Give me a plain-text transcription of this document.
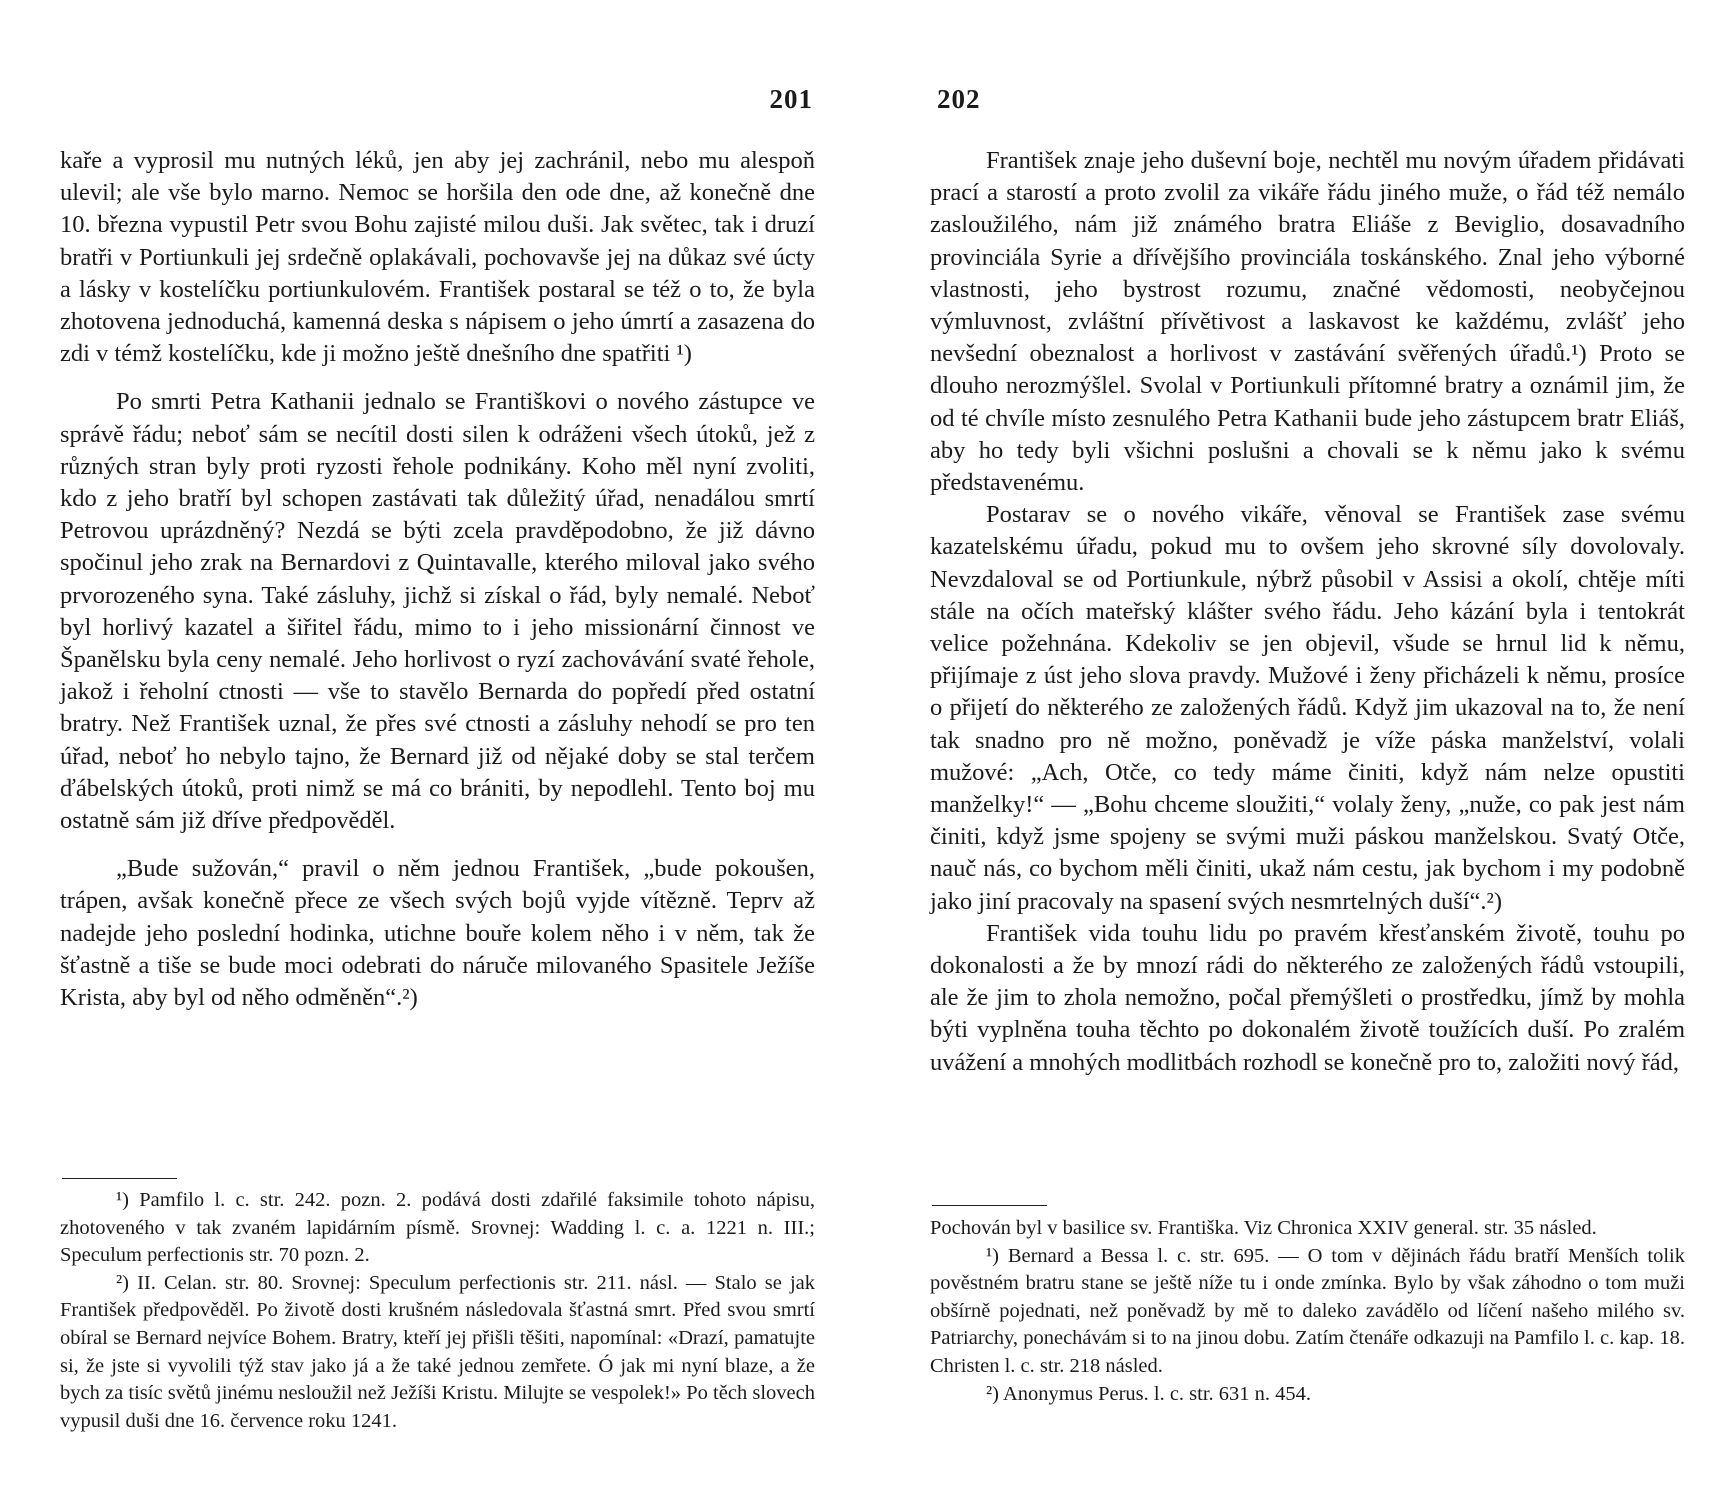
201

kaře a vyprosil mu nutných léků, jen aby jej zachránil, nebo mu alespoň ulevil; ale vše bylo marno. Nemoc se horšila den ode dne, až konečně dne 10. března vypustil Petr svou Bohu zajisté milou duši. Jak světec, tak i druzí bratři v Portiunkuli jej srdečně oplakávali, pochovavše jej na důkaz své úcty a lásky v kostelíčku portiunkulovém. František postaral se též o to, že byla zhotovena jednoduchá, kamenná deska s nápisem o jeho úmrtí a zasazena do zdi v témž kostelíčku, kde ji možno ještě dnešního dne spatřiti ¹)

Po smrti Petra Kathanii jednalo se Františkovi o nového zástupce ve správě řádu; neboť sám se necítil dosti silen k odráženi všech útoků, jež z různých stran byly proti ryzosti řehole podnikány. Koho měl nyní zvoliti, kdo z jeho bratří byl schopen zastávati tak důležitý úřad, nenadálou smrtí Petrovou uprázdněný? Nezdá se býti zcela pravděpodobno, že již dávno spočinul jeho zrak na Bernardovi z Quintavalle, kterého miloval jako svého prvorozeného syna. Také zásluhy, jichž si získal o řád, byly nemalé. Neboť byl horlivý kazatel a šiřitel řádu, mimo to i jeho missionární činnost ve Španělsku byla ceny nemalé. Jeho horlivost o ryzí zachovávání svaté řehole, jakož i řeholní ctnosti — vše to stavělo Bernarda do popředí před ostatní bratry. Než František uznal, že přes své ctnosti a zásluhy nehodí se pro ten úřad, neboť ho nebylo tajno, že Bernard již od nějaké doby se stal terčem ďábelských útoků, proti nimž se má co brániti, by nepodlehl. Tento boj mu ostatně sám již dříve předpověděl.

„Bude sužován,“ pravil o něm jednou František, „bude pokoušen, trápen, avšak konečně přece ze všech svých bojů vyjde vítězně. Teprv až nadejde jeho poslední hodinka, utichne bouře kolem něho i v něm, tak že šťastně a tiše se bude moci odebrati do náruče milovaného Spasitele Ježíše Krista, aby byl od něho odměněn“.²)

¹) Pamfilo l. c. str. 242. pozn. 2. podává dosti zdařilé faksimile tohoto nápisu, zhotoveného v tak zvaném lapidárním písmě. Srovnej: Wadding l. c. a. 1221 n. III.; Speculum perfectionis str. 70 pozn. 2.

²) II. Celan. str. 80. Srovnej: Speculum perfectionis str. 211. násl. — Stalo se jak František předpověděl. Po životě dosti krušném následovala šťastná smrt. Před svou smrtí obíral se Bernard nejvíce Bohem. Bratry, kteří jej přišli těšiti, napomínal: «Drazí, pamatujte si, že jste si vyvolili týž stav jako já a že také jednou zemřete. Ó jak mi nyní blaze, a že bych za tisíc světů jinému nesloužil než Ježíši Kristu. Milujte se vespolek!» Po těch slovech vypusil duši dne 16. července roku 1241.

202

František znaje jeho duševní boje, nechtěl mu novým úřadem přidávati prací a starostí a proto zvolil za vikáře řádu jiného muže, o řád též nemálo zasloužilého, nám již známého bratra Eliáše z Beviglio, dosavadního provinciála Syrie a dřívějšího provinciála toskánského. Znal jeho výborné vlastnosti, jeho bystrost rozumu, značné vědomosti, neobyčejnou výmluvnost, zvláštní přívětivost a laskavost ke každému, zvlášť jeho nevšední obeznalost a horlivost v zastávání svěřených úřadů.¹) Proto se dlouho nerozmýšlel. Svolal v Portiunkuli přítomné bratry a oznámil jim, že od té chvíle místo zesnulého Petra Kathanii bude jeho zástupcem bratr Eliáš, aby ho tedy byli všichni poslušni a chovali se k němu jako k svému představenému.

Postarav se o nového vikáře, věnoval se František zase svému kazatelskému úřadu, pokud mu to ovšem jeho skrovné síly dovolovaly. Nevzdaloval se od Portiunkule, nýbrž působil v Assisi a okolí, chtěje míti stále na očích mateřský klášter svého řádu. Jeho kázání byla i tentokrát velice požehnána. Kdekoliv se jen objevil, všude se hrnul lid k němu, přijímaje z úst jeho slova pravdy. Mužové i ženy přicházeli k němu, prosíce o přijetí do některého ze založených řádů. Když jim ukazoval na to, že není tak snadno pro ně možno, poněvadž je víže páska manželství, volali mužové: „Ach, Otče, co tedy máme činiti, když nám nelze opustiti manželky!“ — „Bohu chceme sloužiti,“ volaly ženy, „nuže, co pak jest nám činiti, když jsme spojeny se svými muži páskou manželskou. Svatý Otče, nauč nás, co bychom měli činiti, ukaž nám cestu, jak bychom i my podobně jako jiní pracovaly na spasení svých nesmrtelných duší“.²)

František vida touhu lidu po pravém křesťanském životě, touhu po dokonalosti a že by mnozí rádi do některého ze založených řádů vstoupili, ale že jim to zhola nemožno, počal přemýšleti o prostředku, jímž by mohla býti vyplněna touha těchto po dokonalém životě toužících duší. Po zralém uvážení a mnohých modlitbách rozhodl se konečně pro to, založiti nový řád,

Pochován byl v basilice sv. Františka. Viz Chronica XXIV general. str. 35 násled.

¹) Bernard a Bessa l. c. str. 695. — O tom v dějinách řádu bratří Menších tolik pověstném bratru stane se ještě níže tu i onde zmínka. Bylo by však záhodno o tom muži obšírně pojednati, než poněvadž by mě to daleko zavádělo od líčení našeho milého sv. Patriarchy, ponechávám si to na jinou dobu. Zatím čtenáře odkazuji na Pamfilo l. c. kap. 18. Christen l. c. str. 218 násled.

²) Anonymus Perus. l. c. str. 631 n. 454.
